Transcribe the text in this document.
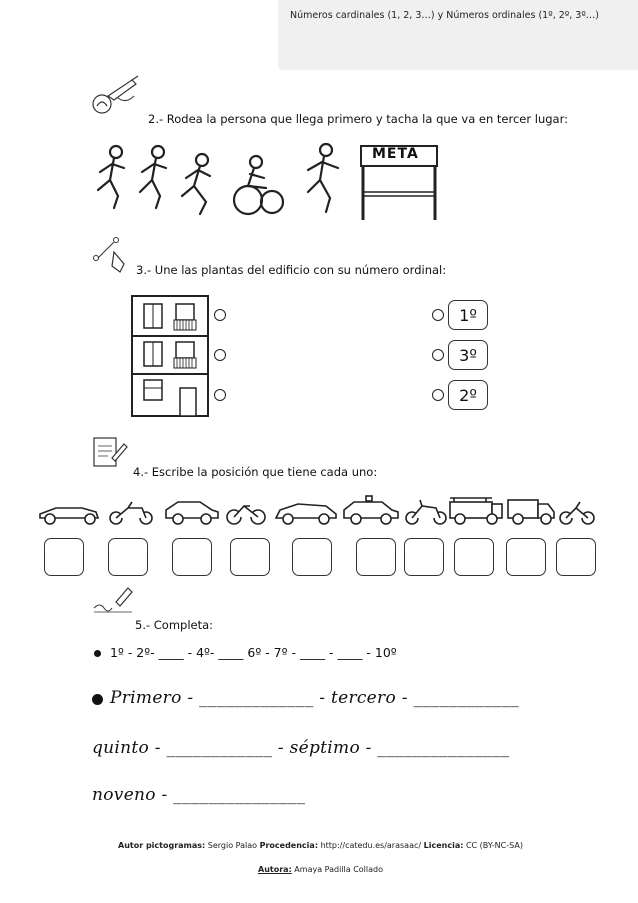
Números cardinales (1, 2, 3…) y Números ordinales (1º, 2º, 3º…)
2.- Rodea la persona que llega primero y tacha la que va en tercer lugar:
META
3.- Une las plantas del edificio con su número ordinal:
1º
3º
2º
4.- Escribe la posición que tiene cada uno:
5.- Completa:
1º - 2º- ____ - 4º- ____ 6º - 7º - ____ - ____ - 10º
Primero - _____________ - tercero - ____________
quinto - ____________ - séptimo - _______________
noveno - _______________
Autor pictogramas: Sergio Palao Procedencia: http://catedu.es/arasaac/ Licencia: CC (BY-NC-SA)
Autora: Amaya Padilla Collado
